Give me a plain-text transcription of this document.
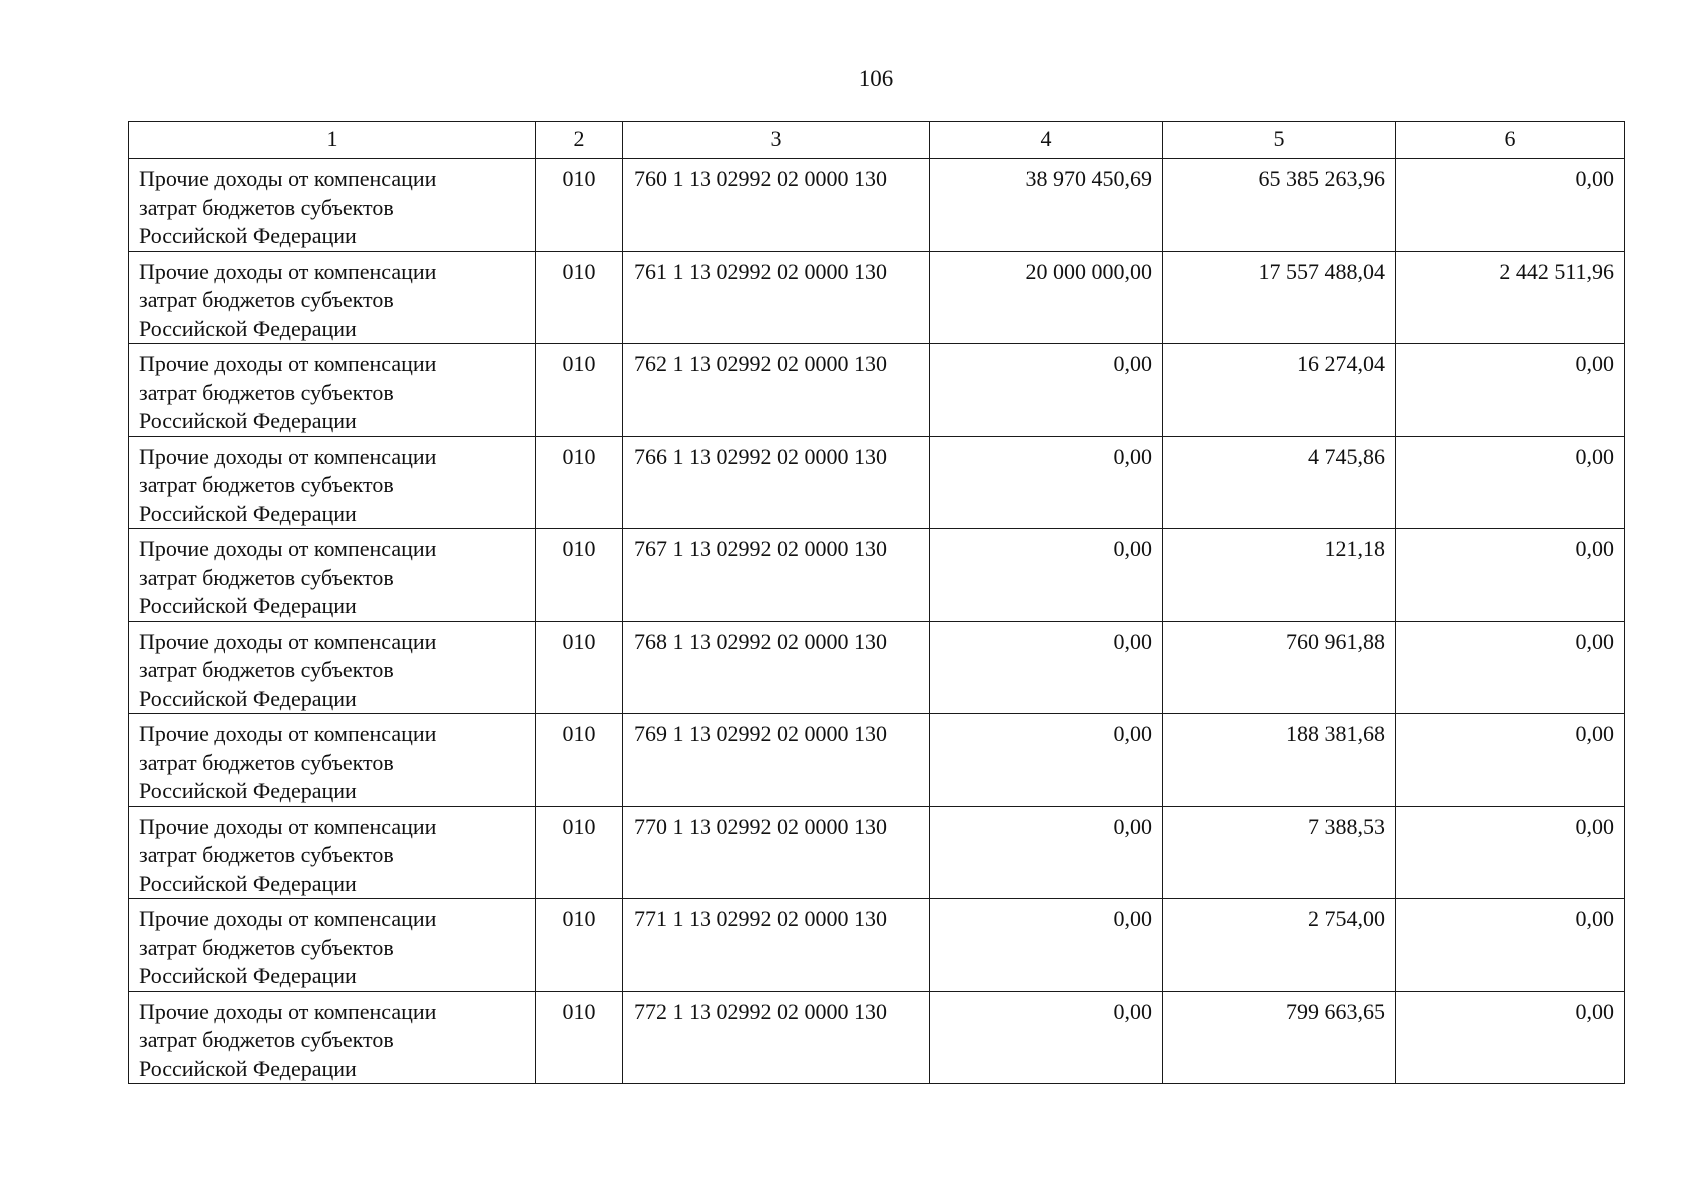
106
1	2	3	4	5	6

Прочие доходы от компенсации
затрат бюджетов субъектов
Российской Федерации	010	760 1 13 02992 02 0000 130	38 970 450,69	65 385 263,96	0,00

Прочие доходы от компенсации
затрат бюджетов субъектов
Российской Федерации	010	761 1 13 02992 02 0000 130	20 000 000,00	17 557 488,04	2 442 511,96

Прочие доходы от компенсации
затрат бюджетов субъектов
Российской Федерации	010	762 1 13 02992 02 0000 130	0,00	16 274,04	0,00

Прочие доходы от компенсации
затрат бюджетов субъектов
Российской Федерации	010	766 1 13 02992 02 0000 130	0,00	4 745,86	0,00

Прочие доходы от компенсации
затрат бюджетов субъектов
Российской Федерации	010	767 1 13 02992 02 0000 130	0,00	121,18	0,00

Прочие доходы от компенсации
затрат бюджетов субъектов
Российской Федерации	010	768 1 13 02992 02 0000 130	0,00	760 961,88	0,00

Прочие доходы от компенсации
затрат бюджетов субъектов
Российской Федерации	010	769 1 13 02992 02 0000 130	0,00	188 381,68	0,00

Прочие доходы от компенсации
затрат бюджетов субъектов
Российской Федерации	010	770 1 13 02992 02 0000 130	0,00	7 388,53	0,00

Прочие доходы от компенсации
затрат бюджетов субъектов
Российской Федерации	010	771 1 13 02992 02 0000 130	0,00	2 754,00	0,00

Прочие доходы от компенсации
затрат бюджетов субъектов
Российской Федерации	010	772 1 13 02992 02 0000 130	0,00	799 663,65	0,00
